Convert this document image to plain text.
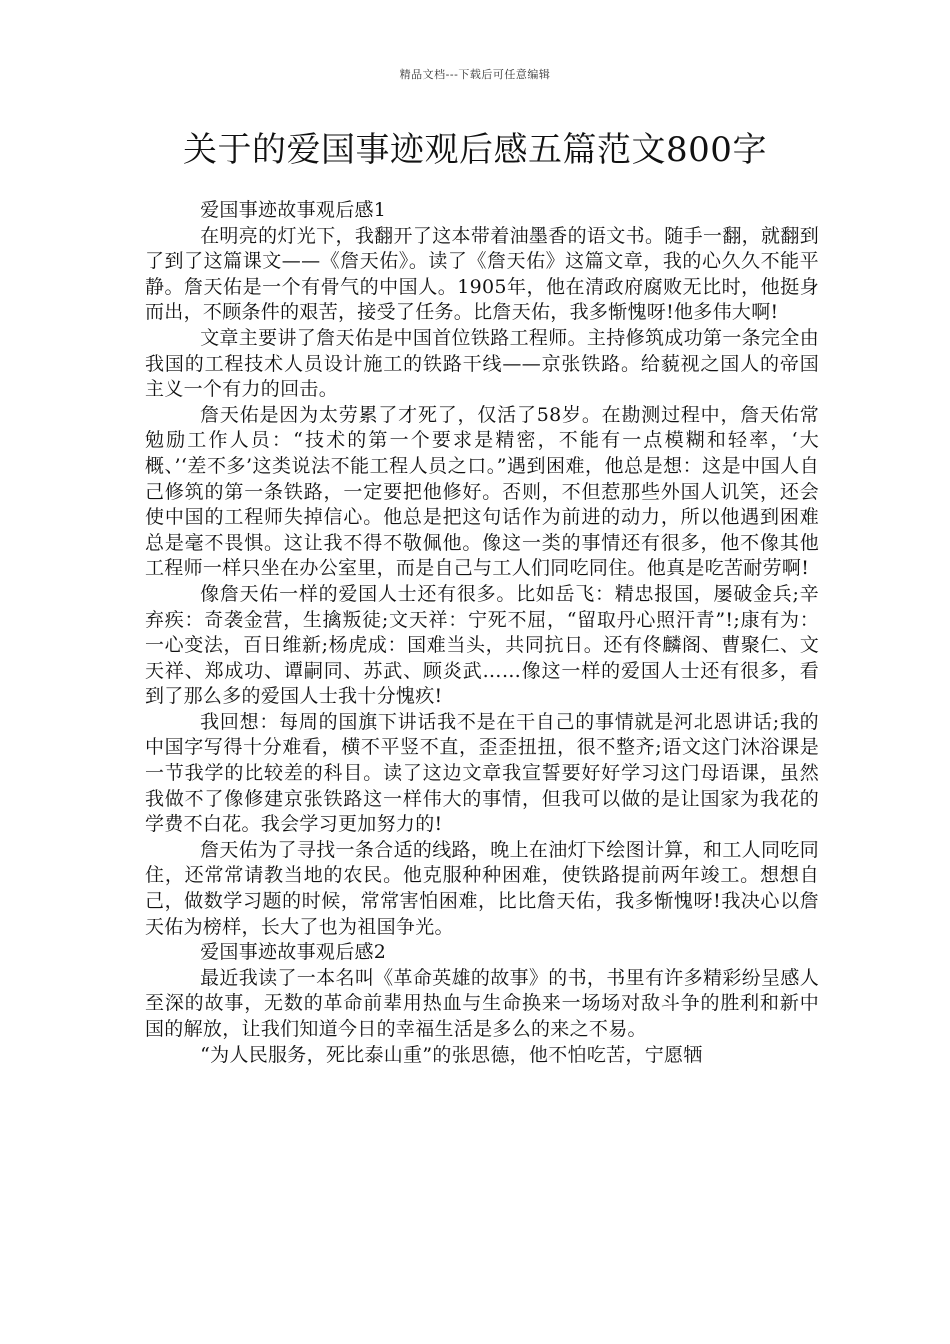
精品文档---下载后可任意编辑
关于的爱国事迹观后感五篇范文800字

爱国事迹故事观后感1

在明亮的灯光下，我翻开了这本带着油墨香的语文书。随手一翻，就翻到了到了这篇课文——《詹天佑》。读了《詹天佑》这篇文章，我的心久久不能平静。詹天佑是一个有骨气的中国人。1905年，他在清政府腐败无比时，他挺身而出，不顾条件的艰苦，接受了任务。比詹天佑，我多惭愧呀!他多伟大啊!

文章主要讲了詹天佑是中国首位铁路工程师。主持修筑成功第一条完全由我国的工程技术人员设计施工的铁路干线——京张铁路。给藐视之国人的帝国主义一个有力的回击。

詹天佑是因为太劳累了才死了，仅活了58岁。在勘测过程中，詹天佑常勉励工作人员：“技术的第一个要求是精密，不能有一点模糊和轻率，‘大概、’‘差不多’这类说法不能工程人员之口。”遇到困难，他总是想：这是中国人自己修筑的第一条铁路，一定要把他修好。否则，不但惹那些外国人讥笑，还会使中国的工程师失掉信心。他总是把这句话作为前进的动力，所以他遇到困难总是毫不畏惧。这让我不得不敬佩他。像这一类的事情还有很多，他不像其他工程师一样只坐在办公室里，而是自己与工人们同吃同住。他真是吃苦耐劳啊!

像詹天佑一样的爱国人士还有很多。比如岳飞：精忠报国，屡破金兵;辛弃疾：奇袭金营，生擒叛徒;文天祥：宁死不屈，“留取丹心照汗青”!;康有为：一心变法，百日维新;杨虎成：国难当头，共同抗日。还有佟麟阁、曹聚仁、文天祥、郑成功、谭嗣同、苏武、顾炎武……像这一样的爱国人士还有很多，看到了那么多的爱国人士我十分愧疚!

我回想：每周的国旗下讲话我不是在干自己的事情就是河北恩讲话;我的中国字写得十分难看，横不平竖不直，歪歪扭扭，很不整齐;语文这门沐浴课是一节我学的比较差的科目。读了这边文章我宣誓要好好学习这门母语课，虽然我做不了像修建京张铁路这一样伟大的事情，但我可以做的是让国家为我花的学费不白花。我会学习更加努力的!

詹天佑为了寻找一条合适的线路，晚上在油灯下绘图计算，和工人同吃同住，还常常请教当地的农民。他克服种种困难，使铁路提前两年竣工。想想自己，做数学习题的时候，常常害怕困难，比比詹天佑，我多惭愧呀!我决心以詹天佑为榜样，长大了也为祖国争光。

爱国事迹故事观后感2

最近我读了一本名叫《革命英雄的故事》的书，书里有许多精彩纷呈感人至深的故事，无数的革命前辈用热血与生命换来一场场对敌斗争的胜利和新中国的解放，让我们知道今日的幸福生活是多么的来之不易。

“为人民服务，死比泰山重”的张思德，他不怕吃苦，宁愿牺
